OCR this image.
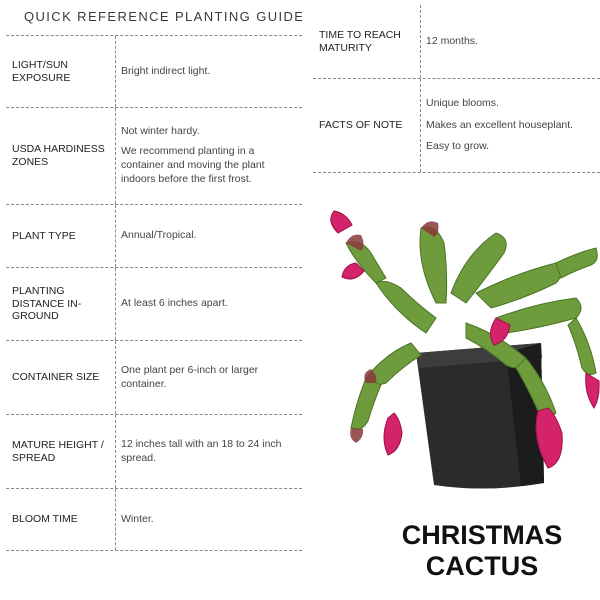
QUICK REFERENCE PLANTING GUIDE
LIGHT/SUN EXPOSURE

Bright indirect light.

USDA HARDINESS ZONES

Not winter hardy.

We recommend planting in a container and moving the plant indoors before the first frost.

PLANT TYPE	Annual/Tropical.

PLANTING DISTANCE IN-GROUND

At least 6 inches apart.

CONTAINER SIZE

One plant per 6-inch or larger container.

MATURE HEIGHT / SPREAD

12 inches tall with an 18 to 24 inch spread.

BLOOM TIME	Winter.

TIME TO REACH MATURITY

12 months.

FACTS OF NOTE

Unique blooms.

Makes an excellent houseplant.

Easy to grow.

CHRISTMAS
CACTUS
